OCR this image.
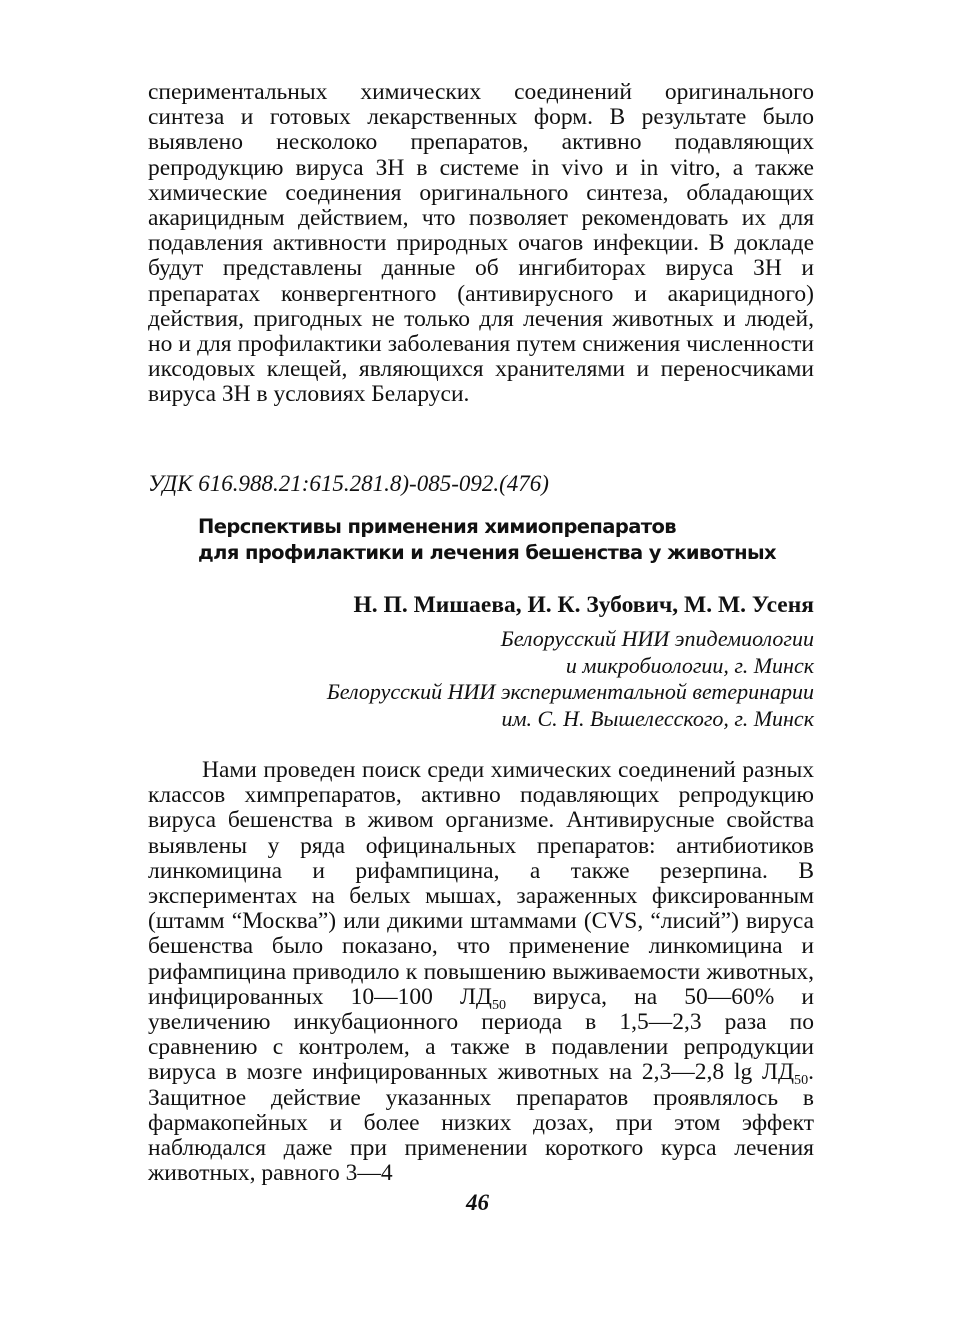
спериментальных химических соединений оригинального синтеза и готовых лекарственных форм. В результате было выявлено несколоко препаратов, активно подавляющих репродукцию вируса ЗН в системе in vivo и in vitro, а также химические соединения оригинального синтеза, обладающих акарицидным действием, что позволяет рекомендовать их для подавления активности природных очагов инфекции. В докладе будут представлены данные об ингибиторах вируса ЗН и препаратах конвергентного (антивирусного и акарицидного) действия, пригодных не только для лечения животных и людей, но и для профилактики заболевания путем снижения численности иксодовых клещей, являющихся хранителями и переносчиками вируса ЗН в условиях Беларуси.

УДК 616.988.21:615.281.8)-085-092.(476)
Перспективы применения химиопрепаратов
для профилактики и лечения бешенства у животных

Н. П. Мишаева, И. К. Зубович, М. М. Усеня

Белорусский НИИ эпидемиологии

и микробиологии, г. Минск

Белорусский НИИ экспериментальной ветеринарии

им. С. Н. Вышелесского, г. Минск

Нами проведен поиск среди химических соединений разных классов химпрепаратов, активно подавляющих репродукцию вируса бешенства в живом организме. Антивирусные свойства выявлены у ряда официнальных препаратов: антибиотиков линкомицина и рифампицина, а также резерпина. В экспериментах на белых мышах, зараженных фиксированным (штамм “Москва”) или дикими штаммами (CVS, “лисий”) вируса бешенства было показано, что применение линкомицина и рифампицина приводило к повышению выживаемости животных, инфицированных 10—100 $ЛД_{50}$ вируса, на 50—60% и увеличению инкубационного периода в 1,5—2,3 раза по сравнению с контролем, а также в подавлении репродукции вируса в мозге инфицированных животных на 2,3—2,8 $\lg ЛД_{50}$. Защитное действие указанных препаратов проявлялось в фармакопейных и более низких дозах, при этом эффект наблюдался даже при применении короткого курса лечения животных, равного 3—4

46
